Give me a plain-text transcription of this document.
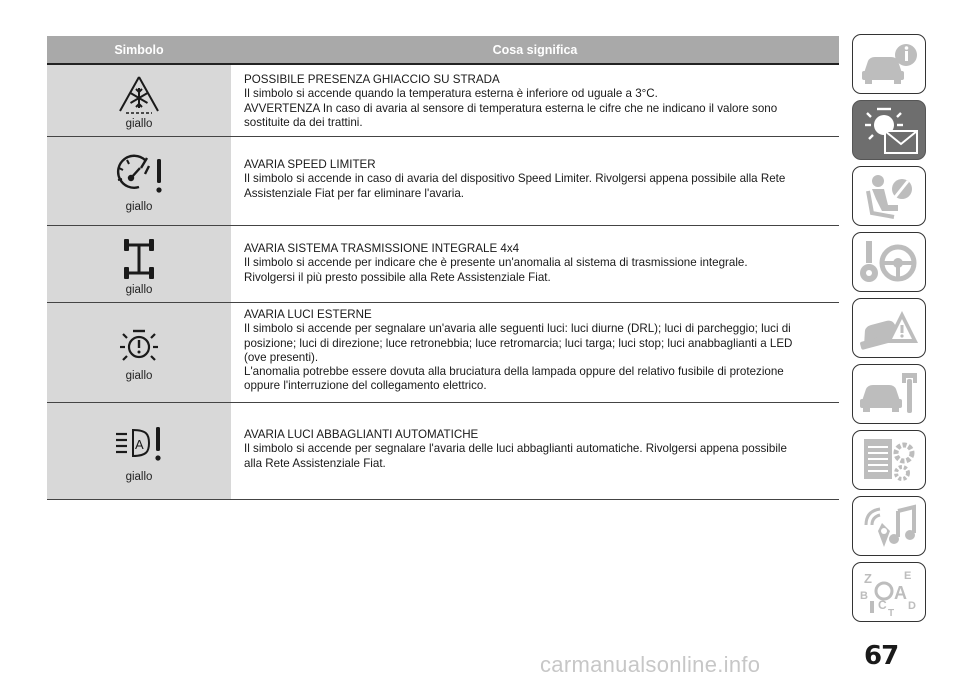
Simbolo	Cosa significa
giallo
POSSIBILE PRESENZA GHIACCIO SU STRADA
Il simbolo si accende quando la temperatura esterna è inferiore od uguale a 3°C.
AVVERTENZA In caso di avaria al sensore di temperatura esterna le cifre che ne indicano il valore sono
sostituite da dei trattini.
giallo
AVARIA SPEED LIMITER
Il simbolo si accende in caso di avaria del dispositivo Speed Limiter. Rivolgersi appena possibile alla Rete
Assistenziale Fiat per far eliminare l'avaria.
giallo
AVARIA SISTEMA TRASMISSIONE INTEGRALE 4x4
Il simbolo si accende per indicare che è presente un'anomalia al sistema di trasmissione integrale.
Rivolgersi il più presto possibile alla Rete Assistenziale Fiat.
giallo
AVARIA LUCI ESTERNE
Il simbolo si accende per segnalare un'avaria alle seguenti luci: luci diurne (DRL); luci di parcheggio; luci di
posizione; luci di direzione; luce retronebbia; luce retromarcia; luci targa; luci stop; luci anabbaglianti a LED
(ove presenti).
L'anomalia potrebbe essere dovuta alla bruciatura della lampada oppure del relativo fusibile di protezione
oppure l'interruzione del collegamento elettrico.
A
giallo
AVARIA LUCI ABBAGLIANTI AUTOMATICHE
Il simbolo si accende per segnalare l'avaria delle luci abbaglianti automatiche. Rivolgersi appena possibile
alla Rete Assistenziale Fiat.
Z	E
B A
C D
T
67
carmanualsonline.info
